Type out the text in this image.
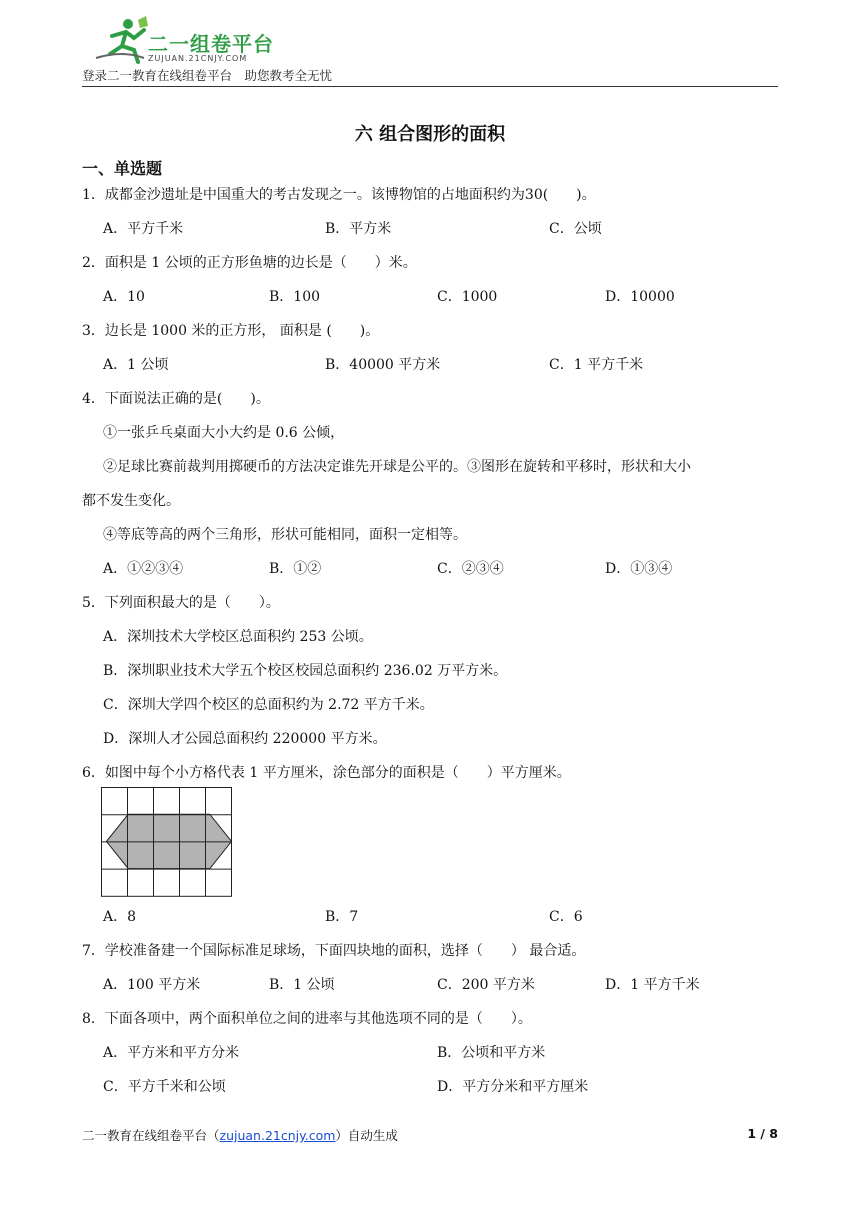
二一组卷平台
ZUJUAN.21CNJY.COM
登录二一教育在线组卷平台　助您教考全无忧
六 组合图形的面积
一、单选题
1．成都金沙遗址是中国重大的考古发现之一。该博物馆的占地面积约为30(　　)。
A．平方千米	B．平方米	C．公顷
2．面积是 1 公顷的正方形鱼塘的边长是（　　）米。
A．10	B．100	C．1000	D．10000
3．边长是 1000 米的正方形， 面积是 (　　)。
A．1 公顷	B．40000 平方米	C．1 平方千米
4．下面说法正确的是(　　)。
①一张乒乓桌面大小大约是 0.6 公倾，
②足球比赛前裁判用掷硬币的方法决定谁先开球是公平的。③图形在旋转和平移时，形状和大小
都不发生变化。
④等底等高的两个三角形，形状可能相同，面积一定相等。
A．①②③④	B．①②	C．②③④	D．①③④
5．下列面积最大的是（　　）。
A．深圳技术大学校区总面积约 253 公顷。
B．深圳职业技术大学五个校区校园总面积约 236.02 万平方米。
C．深圳大学四个校区的总面积约为 2.72 平方千米。
D．深圳人才公园总面积约 220000 平方米。
6．如图中每个小方格代表 1 平方厘米，涂色部分的面积是（　　）平方厘米。
A．8	B．7	C．6
7．学校准备建一个国际标准足球场，下面四块地的面积，选择（　　） 最合适。
A．100 平方米	B．1 公顷	C．200 平方米	D．1 平方千米
8．下面各项中，两个面积单位之间的进率与其他选项不同的是（　　）。
A．平方米和平方分米	B．公顷和平方米
C．平方千米和公顷	D．平方分米和平方厘米
二一教育在线组卷平台（zujuan.21cnjy.com）自动生成	1 / 8
